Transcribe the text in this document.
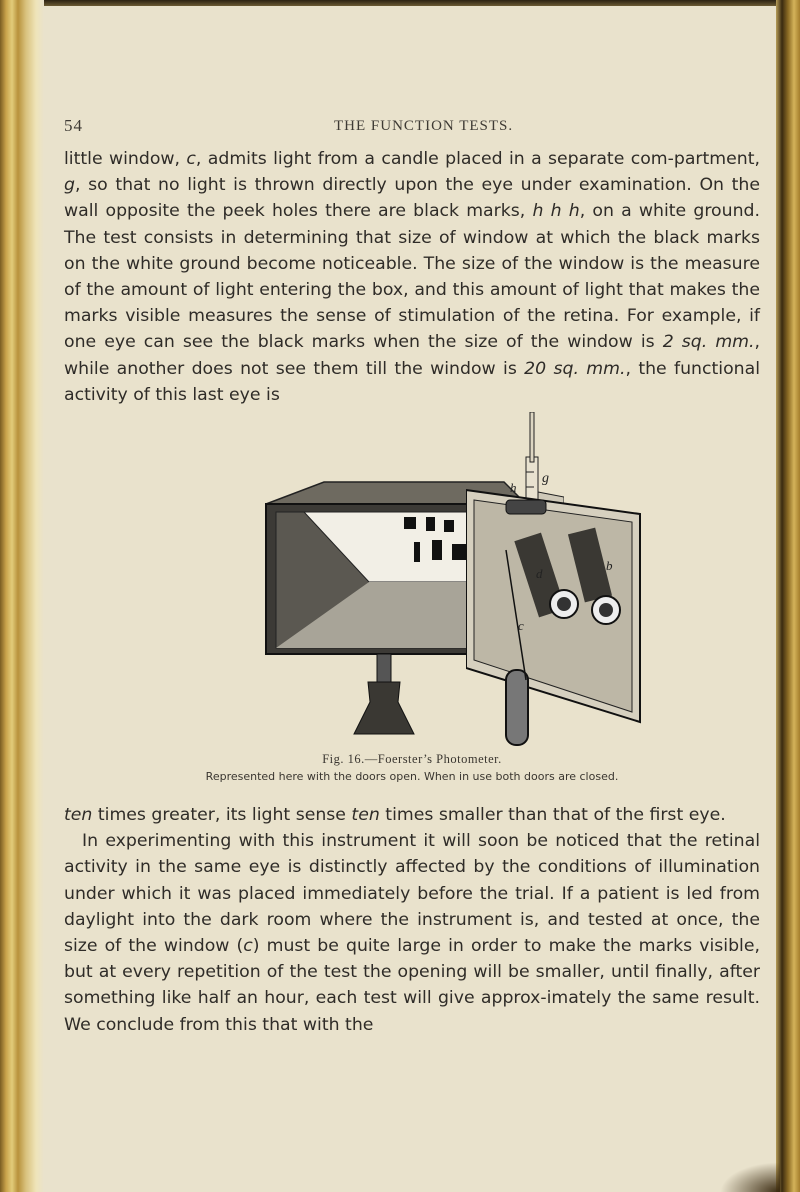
54	THE FUNCTION TESTS.

little window, c, admits light from a candle placed in a separate com-partment, g, so that no light is thrown directly upon the eye under examination. On the wall opposite the peek holes there are black marks, h h h, on a white ground. The test consists in determining that size of window at which the black marks on the white ground become noticeable. The size of the window is the measure of the amount of light entering the box, and this amount of light that makes the marks visible measures the sense of stimulation of the retina. For example, if one eye can see the black marks when the size of the window is 2 sq. mm., while another does not see them till the window is 20 sq. mm., the functional activity of this last eye is

g
d
c
b
h
Fig. 16.—Foerster’s Photometer.
Represented here with the doors open. When in use both doors are closed.

ten times greater, its light sense ten times smaller than that of the first eye.

In experimenting with this instrument it will soon be noticed that the retinal activity in the same eye is distinctly affected by the conditions of illumination under which it was placed immediately before the trial. If a patient is led from daylight into the dark room where the instrument is, and tested at once, the size of the window (c) must be quite large in order to make the marks visible, but at every repetition of the test the opening will be smaller, until finally, after something like half an hour, each test will give approx-imately the same result. We conclude from this that with the
